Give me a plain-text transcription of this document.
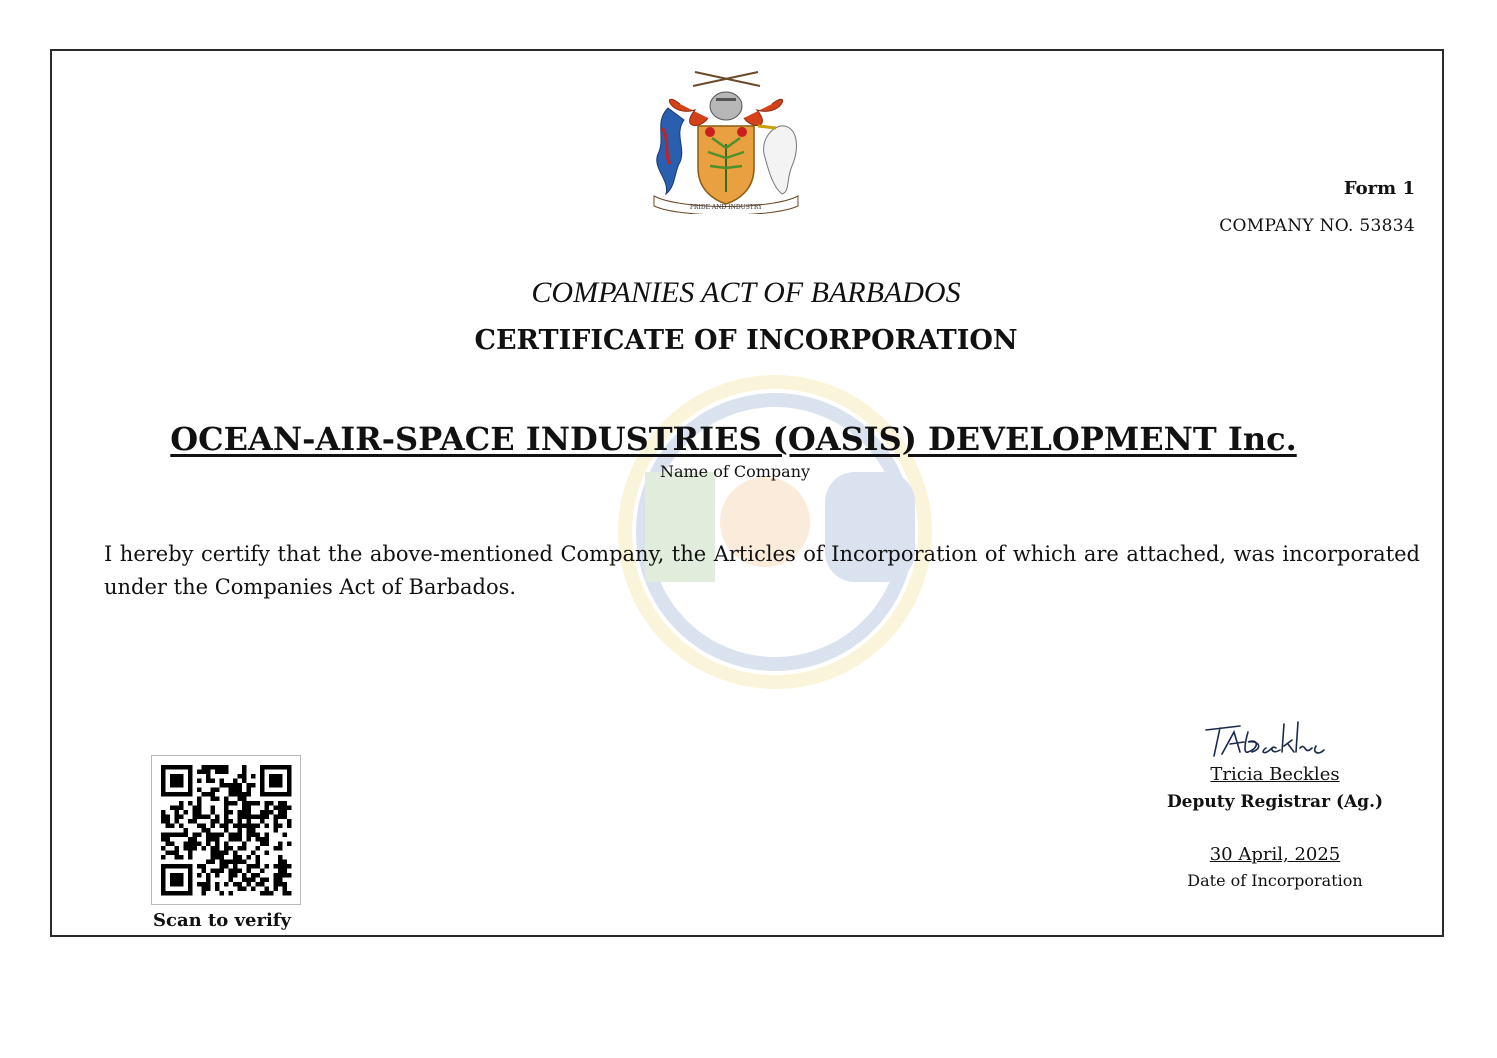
PRIDE AND INDUSTRY
Form 1
COMPANY NO. 53834
COMPANIES ACT OF BARBADOS
CERTIFICATE OF INCORPORATION
OCEAN-AIR-SPACE INDUSTRIES (OASIS) DEVELOPMENT Inc.
Name of Company
I hereby certify that the above-mentioned Company, the Articles of Incorporation of which are attached, was incorporated under the Companies Act of Barbados.
Tricia Beckles
Deputy Registrar (Ag.)
30 April, 2025
Date of Incorporation
Scan to verify
